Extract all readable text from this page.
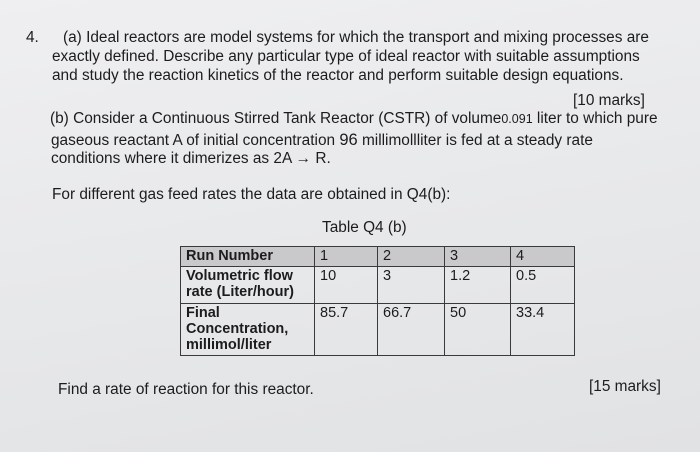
4. (a) Ideal reactors are model systems for which the transport and mixing processes are
exactly defined. Describe any particular type of ideal reactor with suitable assumptions
and study the reaction kinetics of the reactor and perform suitable design equations.
[10 marks]
(b) Consider a Continuous Stirred Tank Reactor (CSTR) of volume0.091 liter to which pure
gaseous reactant A of initial concentration 96 millimollliter is fed at a steady rate
conditions where it dimerizes as 2A → R.
For different gas feed rates the data are obtained in Q4(b):
Table Q4 (b)
Run Number	1	2	3	4
Volumetric flow rate (Liter/hour)	10	3	1.2	0.5
Final Concentration, millimol/liter	85.7	66.7	50	33.4
Find a rate of reaction for this reactor.	[15 marks]
